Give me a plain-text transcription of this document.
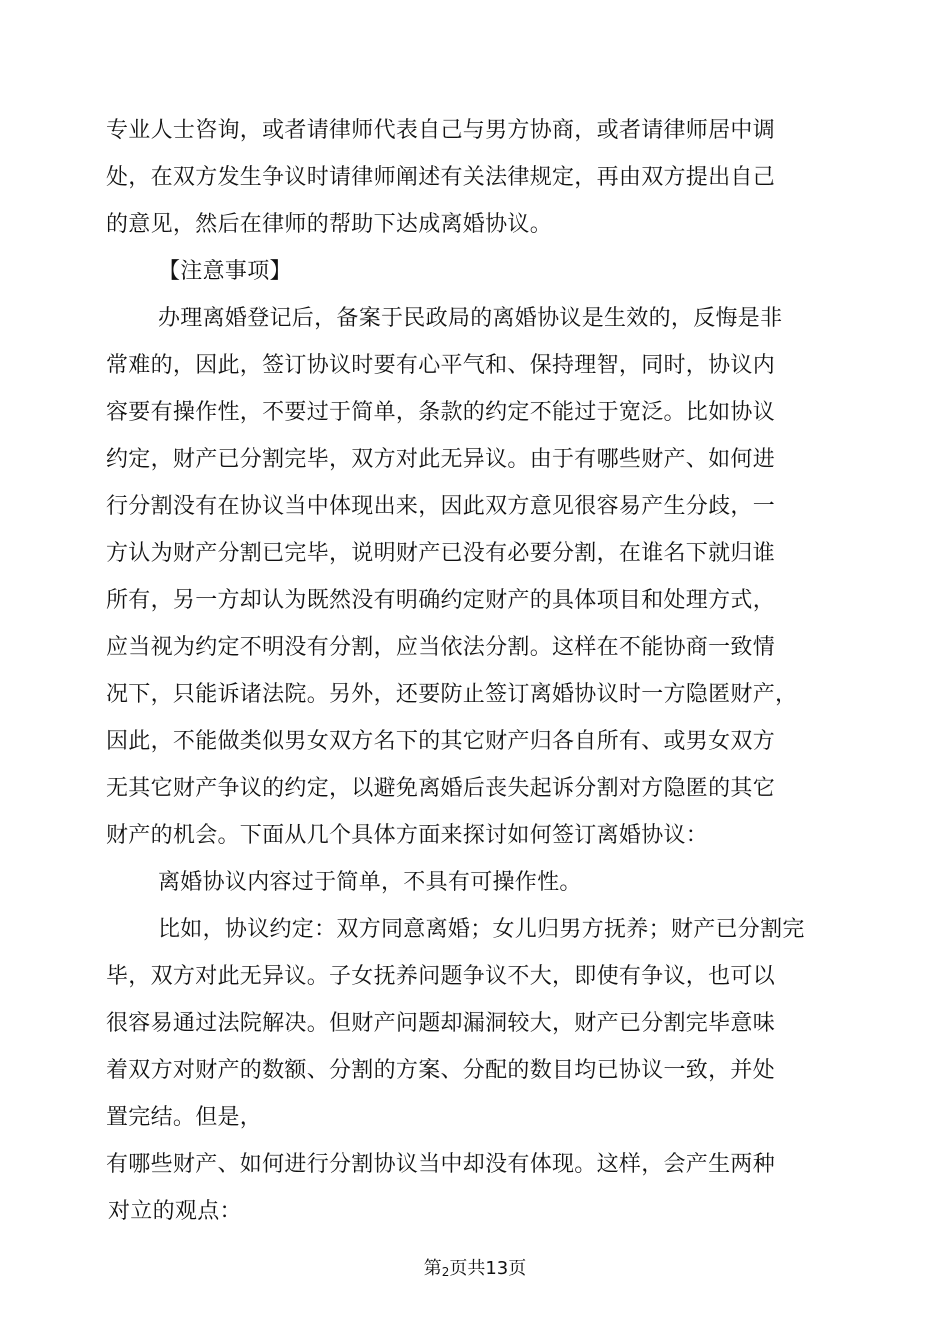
专业人士咨询，或者请律师代表自己与男方协商，或者请律师居中调
处，在双方发生争议时请律师阐述有关法律规定，再由双方提出自己
的意见，然后在律师的帮助下达成离婚协议。
【注意事项】
办理离婚登记后，备案于民政局的离婚协议是生效的，反悔是非
常难的，因此，签订协议时要有心平气和、保持理智，同时，协议内
容要有操作性，不要过于简单，条款的约定不能过于宽泛。比如协议
约定，财产已分割完毕，双方对此无异议。由于有哪些财产、如何进
行分割没有在协议当中体现出来，因此双方意见很容易产生分歧，一
方认为财产分割已完毕，说明财产已没有必要分割，在谁名下就归谁
所有，另一方却认为既然没有明确约定财产的具体项目和处理方式，
应当视为约定不明没有分割，应当依法分割。这样在不能协商一致情
况下，只能诉诸法院。另外，还要防止签订离婚协议时一方隐匿财产，
因此，不能做类似男女双方名下的其它财产归各自所有、或男女双方
无其它财产争议的约定，以避免离婚后丧失起诉分割对方隐匿的其它
财产的机会。下面从几个具体方面来探讨如何签订离婚协议：
离婚协议内容过于简单，不具有可操作性。
比如，协议约定：双方同意离婚；女儿归男方抚养；财产已分割完
毕，双方对此无异议。子女抚养问题争议不大，即使有争议，也可以
很容易通过法院解决。但财产问题却漏洞较大，财产已分割完毕意味
着双方对财产的数额、分割的方案、分配的数目均已协议一致，并处
置完结。但是，
有哪些财产、如何进行分割协议当中却没有体现。这样，会产生两种
对立的观点：
第2页共13页
